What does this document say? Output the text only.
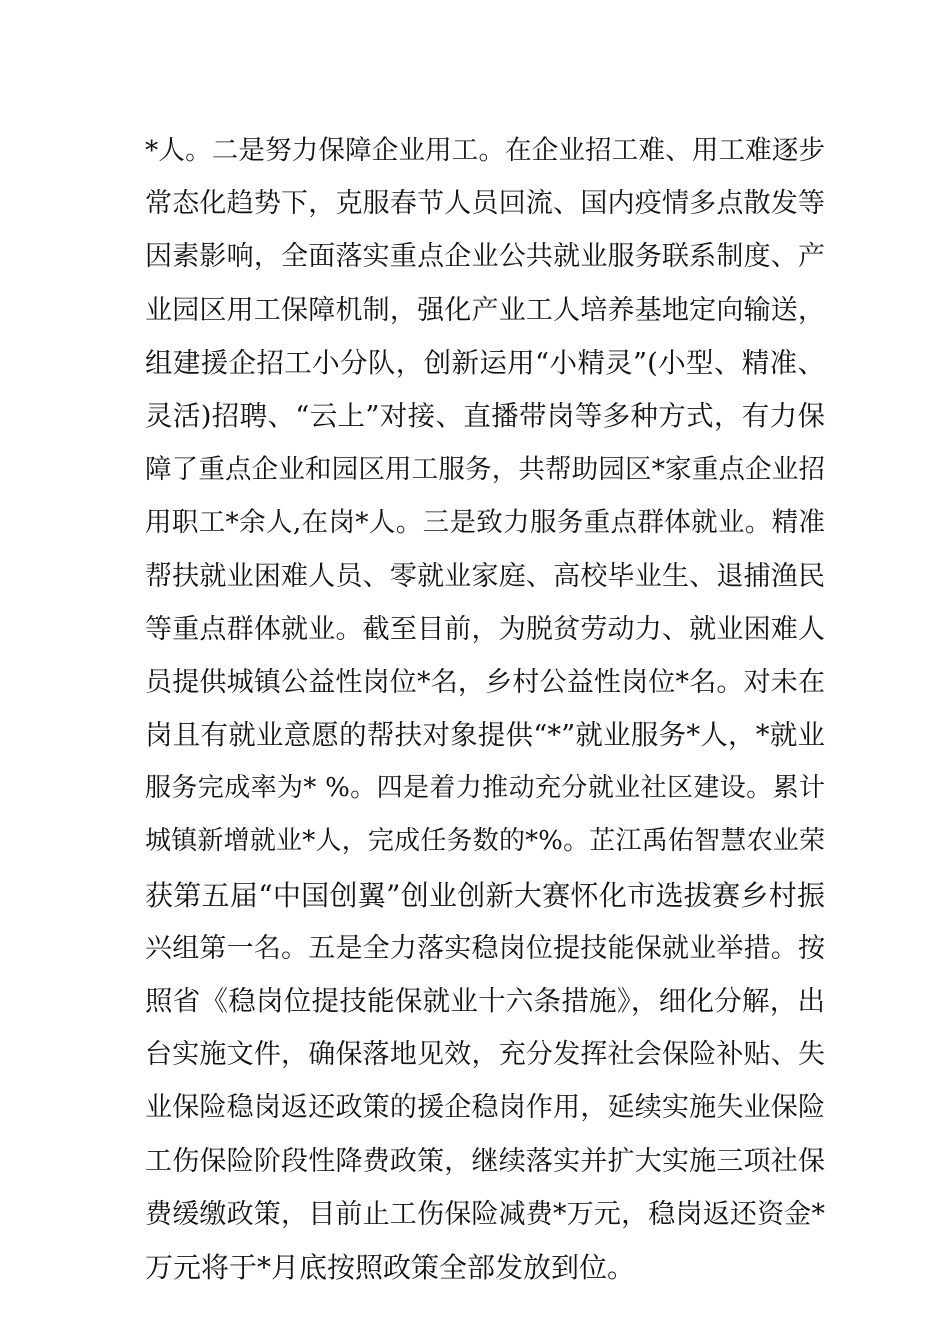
*人。二是努力保障企业用工。在企业招工难、用工难逐步
常态化趋势下，克服春节人员回流、国内疫情多点散发等
因素影响，全面落实重点企业公共就业服务联系制度、产
业园区用工保障机制，强化产业工人培养基地定向输送，
组建援企招工小分队，创新运用“小精灵”(小型、精准、
灵活)招聘、“云上”对接、直播带岗等多种方式，有力保
障了重点企业和园区用工服务，共帮助园区*家重点企业招
用职工*余人,在岗*人。三是致力服务重点群体就业。精准
帮扶就业困难人员、零就业家庭、高校毕业生、退捕渔民
等重点群体就业。截至目前，为脱贫劳动力、就业困难人
员提供城镇公益性岗位*名，乡村公益性岗位*名。对未在
岗且有就业意愿的帮扶对象提供“*”就业服务*人，*就业
服务完成率为* %。四是着力推动充分就业社区建设。累计
城镇新增就业*人，完成任务数的*%。芷江禹佑智慧农业荣
获第五届“中国创翼”创业创新大赛怀化市选拔赛乡村振
兴组第一名。五是全力落实稳岗位提技能保就业举措。按
照省《稳岗位提技能保就业十六条措施》，细化分解，出
台实施文件，确保落地见效，充分发挥社会保险补贴、失
业保险稳岗返还政策的援企稳岗作用，延续实施失业保险
工伤保险阶段性降费政策，继续落实并扩大实施三项社保
费缓缴政策，目前止工伤保险减费*万元，稳岗返还资金*
万元将于*月底按照政策全部发放到位。
